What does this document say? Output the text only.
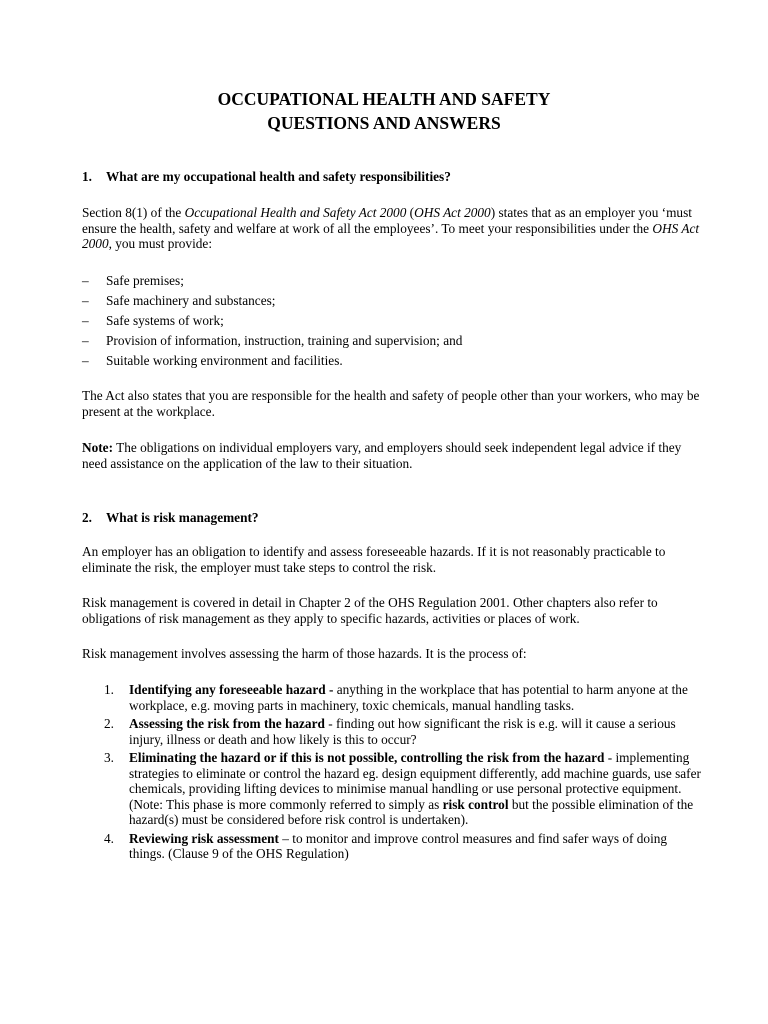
OCCUPATIONAL HEALTH AND SAFETY
QUESTIONS AND ANSWERS
1. What are my occupational health and safety responsibilities?

Section 8(1) of the Occupational Health and Safety Act 2000 (OHS Act 2000) states that as an employer you ‘must ensure the health, safety and welfare at work of all the employees’. To meet your responsibilities under the OHS Act 2000, you must provide:

– Safe premises;
– Safe machinery and substances;
– Safe systems of work;
– Provision of information, instruction, training and supervision; and
– Suitable working environment and facilities.

The Act also states that you are responsible for the health and safety of people other than your workers, who may be present at the workplace.

Note: The obligations on individual employers vary, and employers should seek independent legal advice if they need assistance on the application of the law to their situation.

2. What is risk management?

An employer has an obligation to identify and assess foreseeable hazards. If it is not reasonably practicable to eliminate the risk, the employer must take steps to control the risk.

Risk management is covered in detail in Chapter 2 of the OHS Regulation 2001. Other chapters also refer to obligations of risk management as they apply to specific hazards, activities or places of work.

Risk management involves assessing the harm of those hazards. It is the process of:

1. Identifying any foreseeable hazard - anything in the workplace that has potential to harm anyone at the workplace, e.g. moving parts in machinery, toxic chemicals, manual handling tasks.
2. Assessing the risk from the hazard - finding out how significant the risk is e.g. will it cause a serious injury, illness or death and how likely is this to occur?
3. Eliminating the hazard or if this is not possible, controlling the risk from the hazard - implementing strategies to eliminate or control the hazard eg. design equipment differently, add machine guards, use safer chemicals, providing lifting devices to minimise manual handling or use personal protective equipment.
(Note: This phase is more commonly referred to simply as risk control but the possible elimination of the hazard(s) must be considered before risk control is undertaken).
4. Reviewing risk assessment – to monitor and improve control measures and find safer ways of doing things. (Clause 9 of the OHS Regulation)
